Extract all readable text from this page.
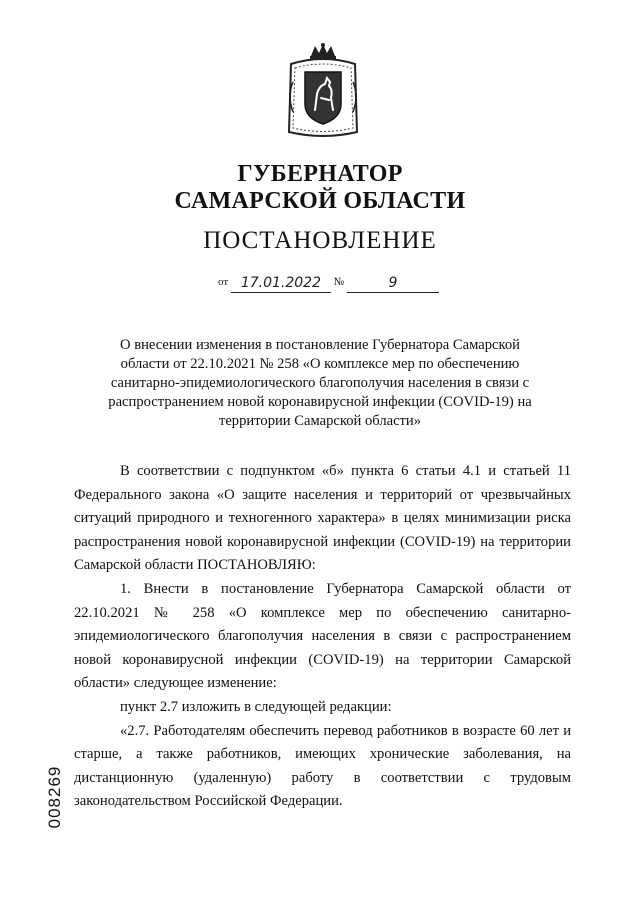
ГУБЕРНАТОР
САМАРСКОЙ ОБЛАСТИ
ПОСТАНОВЛЕНИЕ
от 17.01.2022 №	9
О внесении изменения в постановление Губернатора Самарской области от 22.10.2021 № 258 «О комплексе мер по обеспечению санитарно-эпидемиологического благополучия населения в связи с распространением новой коронавирусной инфекции (COVID-19) на территории Самарской области»

В соответствии с подпунктом «б» пункта 6 статьи 4.1 и статьей 11 Федерального закона «О защите населения и территорий от чрезвычайных ситуаций природного и техногенного характера» в целях минимизации риска распространения новой коронавирусной инфекции (COVID-19) на территории Самарской области ПОСТАНОВЛЯЮ:

1. Внести в постановление Губернатора Самарской области от 22.10.2021 № 258 «О комплексе мер по обеспечению санитарно-эпидемиологического благополучия населения в связи с распространением новой коронавирусной инфекции (COVID-19) на территории Самарской области» следующее изменение:

пункт 2.7 изложить в следующей редакции:

«2.7. Работодателям обеспечить перевод работников в возрасте 60 лет и старше, а также работников, имеющих хронические заболевания, на дистанционную (удаленную) работу в соответствии с трудовым законодательством Российской Федерации.

008269
